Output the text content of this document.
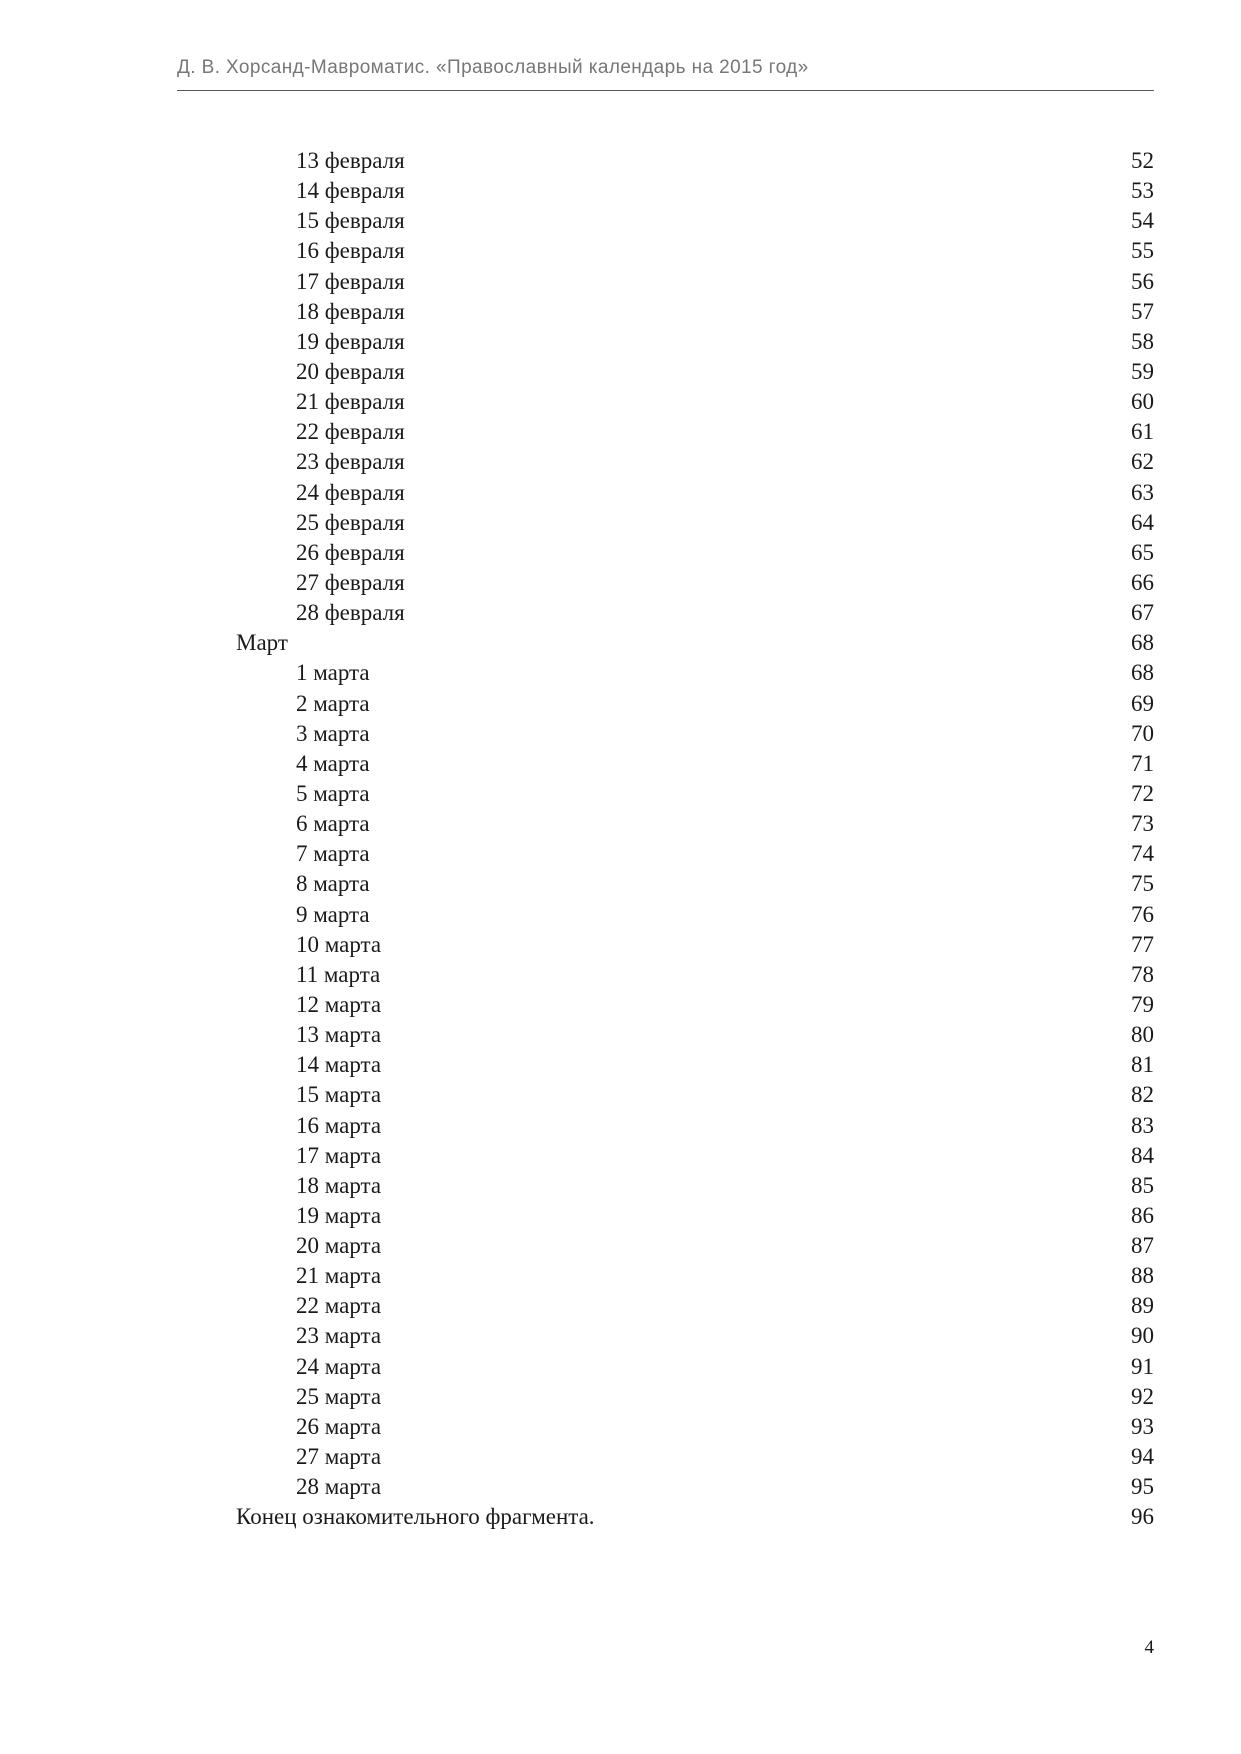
Д. В. Хорсанд-Мавроматис. «Православный календарь на 2015 год»
13 февраля	52
14 февраля	53
15 февраля	54
16 февраля	55
17 февраля	56
18 февраля	57
19 февраля	58
20 февраля	59
21 февраля	60
22 февраля	61
23 февраля	62
24 февраля	63
25 февраля	64
26 февраля	65
27 февраля	66
28 февраля	67
Март	68
1 марта	68
2 марта	69
3 марта	70
4 марта	71
5 марта	72
6 марта	73
7 марта	74
8 марта	75
9 марта	76
10 марта	77
11 марта	78
12 марта	79
13 марта	80
14 марта	81
15 марта	82
16 марта	83
17 марта	84
18 марта	85
19 марта	86
20 марта	87
21 марта	88
22 марта	89
23 марта	90
24 марта	91
25 марта	92
26 марта	93
27 марта	94
28 марта	95
Конец ознакомительного фрагмента.	96
4
